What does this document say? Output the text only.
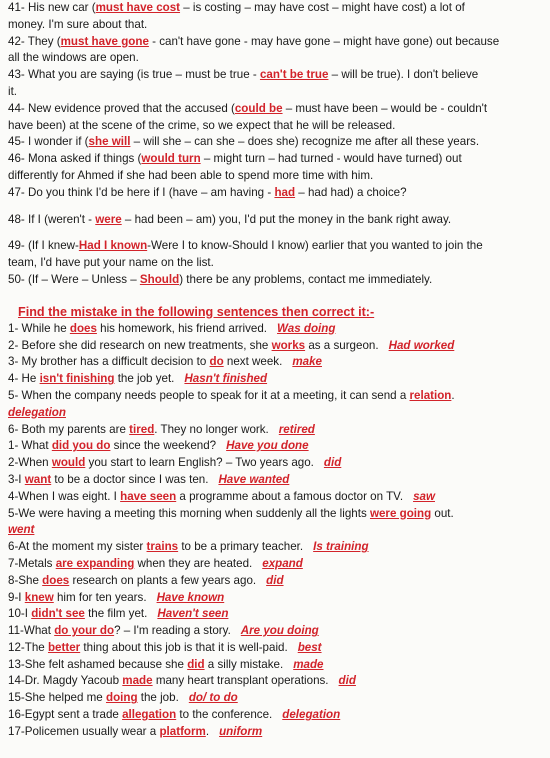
41- His new car (must have cost – is costing – may have cost – might have cost) a lot of
money. I'm sure about that.
42- They (must have gone - can't have gone - may have gone – might have gone) out because
all the windows are open.
43- What you are saying (is true – must be true - can't be true – will be true). I don't believe
it.
44- New evidence proved that the accused (could be – must have been – would be - couldn't
have been) at the scene of the crime, so we expect that he will be released.
45- I wonder if (she will – will she – can she – does she) recognize me after all these years.
46- Mona asked if things (would turn – might turn – had turned - would have turned) out
differently for Ahmed if she had been able to spend more time with him.
47- Do you think I'd be here if I (have – am having - had – had had) a choice?
48- If I (weren't - were – had been – am) you, I'd put the money in the bank right away.
49- (If I knew-Had I known-Were I to know-Should I know) earlier that you wanted to join the
team, I'd have put your name on the list.
50- (If – Were – Unless – Should) there be any problems, contact me immediately.
Find the mistake in the following sentences then correct it:-
1- While he does his homework, his friend arrived. Was doing
2- Before she did research on new treatments, she works as a surgeon. Had worked
3- My brother has a difficult decision to do next week. make
4- He isn't finishing the job yet. Hasn't finished
5- When the company needs people to speak for it at a meeting, it can send a relation.
delegation
6- Both my parents are tired. They no longer work. retired
1- What did you do since the weekend? Have you done
2-When would you start to learn English? – Two years ago. did
3-I want to be a doctor since I was ten. Have wanted
4-When I was eight. I have seen a programme about a famous doctor on TV. saw
5-We were having a meeting this morning when suddenly all the lights were going out.
went
6-At the moment my sister trains to be a primary teacher. Is training
7-Metals are expanding when they are heated. expand
8-She does research on plants a few years ago. did
9-I knew him for ten years. Have known
10-I didn't see the film yet. Haven't seen
11-What do your do? – I'm reading a story. Are you doing
12-The better thing about this job is that it is well-paid. best
13-She felt ashamed because she did a silly mistake. made
14-Dr. Magdy Yacoub made many heart transplant operations. did
15-She helped me doing the job. do/ to do
16-Egypt sent a trade allegation to the conference. delegation
17-Policemen usually wear a platform. uniform
